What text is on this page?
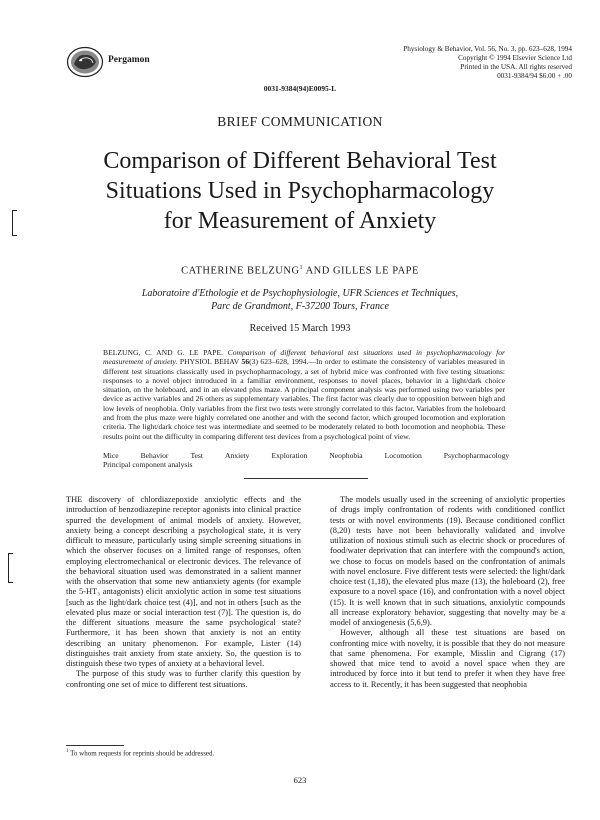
Pergamon
Physiology & Behavior, Vol. 56, No. 3, pp. 623–628, 1994
Copyright © 1994 Elsevier Science Ltd
Printed in the USA. All rights reserved
0031-9384/94 $6.00 + .00
0031-9384(94)E0095-L
BRIEF COMMUNICATION
Comparison of Different Behavioral Test
Situations Used in Psychopharmacology
for Measurement of Anxiety
CATHERINE BELZUNG$^1$ AND GILLES LE PAPE
Laboratoire d'Ethologie et de Psychophysiologie, UFR Sciences et Techniques,
Parc de Grandmont, F-37200 Tours, France
Received 15 March 1993
BELZUNG, C. AND G. LE PAPE. Comparison of different behavioral test situations used in psychopharmacology for measurement of anxiety. PHYSIOL BEHAV 56(3) 623–628, 1994.—In order to estimate the consistency of variables measured in different test situations classically used in psychopharmacology, a set of hybrid mice was confronted with five testing situations: responses to a novel object introduced in a familiar environment, responses to novel places, behavior in a light/dark choice situation, on the holeboard, and in an elevated plus maze. A principal component analysis was performed using two variables per device as active variables and 26 others as supplementary variables. The first factor was clearly due to opposition between high and low levels of neophobia. Only variables from the first two tests were strongly correlated to this factor. Variables from the holeboard and from the plus maze were highly correlated one another and with the second factor, which grouped locomotion and exploration criteria. The light/dark choice test was intermediate and seemed to be moderately related to both locomotion and neophobia. These results point out the difficulty in comparing different test devices from a psychological point of view.
Mice	Behavior	Test	Anxiety	Exploration	Neophobia	Locomotion	Psychopharmacology
Principal component analysis

THE discovery of chlordiazepoxide anxiolytic effects and the introduction of benzodiazepine receptor agonists into clinical practice spurred the development of animal models of anxiety. However, anxiety being a concept describing a psychological state, it is very difficult to measure, particularly using simple screening situations in which the observer focuses on a limited range of responses, often employing electromechanical or electronic devices. The relevance of the behavioral situation used was demonstrated in a salient manner with the observation that some new antianxiety agents (for example the 5-HT₃ antagonists) elicit anxiolytic action in some test situations [such as the light/dark choice test (4)], and not in others [such as the elevated plus maze or social interaction test (7)]. The question is, do the different situations measure the same psychological state? Furthermore, it has been shown that anxiety is not an entity describing an unitary phenomenon. For example, Lister (14) distinguishes trait anxiety from state anxiety. So, the question is to distinguish these two types of anxiety at a behavioral level.

The purpose of this study was to further clarify this question by confronting one set of mice to different test situations.

The models usually used in the screening of anxiolytic properties of drugs imply confrontation of rodents with conditioned conflict tests or with novel environments (19). Because conditioned conflict (8,20) tests have not been behaviorally validated and involve utilization of noxious stimuli such as electric shock or procedures of food/water deprivation that can interfere with the compound's action, we chose to focus on models based on the confrontation of animals with novel enclosure. Five different tests were selected: the light/dark choice test (1,18), the elevated plus maze (13), the holeboard (2), free exposure to a novel space (16), and confrontation with a novel object (15). It is well known that in such situations, anxiolytic compounds all increase exploratory behavior, suggesting that novelty may be a model of anxiogenesis (5,6,9).

However, although all these test situations are based on confronting mice with novelty, it is possible that they do not measure that same phenomena. For example, Misslin and Cigrang (17) showed that mice tend to avoid a novel space when they are introduced by force into it but tend to prefer it when they have free access to it. Recently, it has been suggested that neophobia

$^1$ To whom requests for reprints should be addressed.
623
